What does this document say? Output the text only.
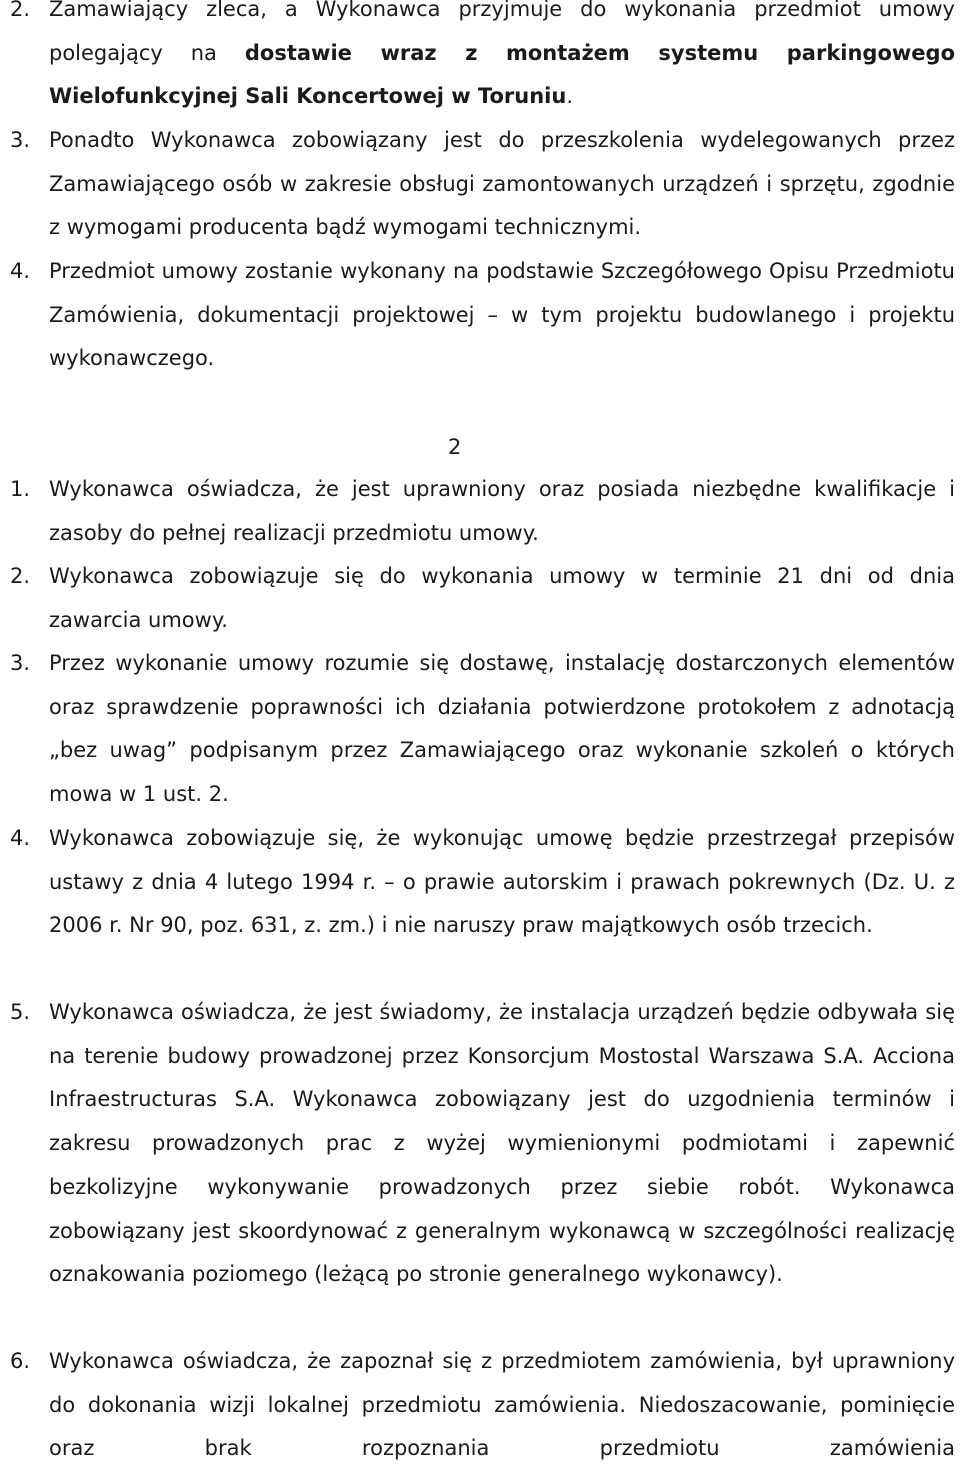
2. Zamawiający zleca, a Wykonawca przyjmuje do wykonania przedmiot umowy polegający na dostawie wraz z montażem systemu parkingowego Wielofunkcyjnej Sali Koncertowej w Toruniu.
3. Ponadto Wykonawca zobowiązany jest do przeszkolenia wydelegowanych przez Zamawiającego osób w zakresie obsługi zamontowanych urządzeń i sprzętu, zgodnie z wymogami producenta bądź wymogami technicznymi.
4. Przedmiot umowy zostanie wykonany na podstawie Szczegółowego Opisu Przedmiotu Zamówienia, dokumentacji projektowej – w tym projektu budowlanego i projektu wykonawczego.
2
1. Wykonawca oświadcza, że jest uprawniony oraz posiada niezbędne kwalifikacje i zasoby do pełnej realizacji przedmiotu umowy.
2. Wykonawca zobowiązuje się do wykonania umowy w terminie 21 dni od dnia zawarcia umowy.
3. Przez wykonanie umowy rozumie się dostawę, instalację dostarczonych elementów oraz sprawdzenie poprawności ich działania potwierdzone protokołem z adnotacją „bez uwag” podpisanym przez Zamawiającego oraz wykonanie szkoleń o których mowa w 1 ust. 2.
4. Wykonawca zobowiązuje się, że wykonując umowę będzie przestrzegał przepisów ustawy z dnia 4 lutego 1994 r. – o prawie autorskim i prawach pokrewnych (Dz. U. z 2006 r. Nr 90, poz. 631, z. zm.) i nie naruszy praw majątkowych osób trzecich.
5. Wykonawca oświadcza, że jest świadomy, że instalacja urządzeń będzie odbywała się na terenie budowy prowadzonej przez Konsorcjum Mostostal Warszawa S.A. Acciona Infraestructuras S.A. Wykonawca zobowiązany jest do uzgodnienia terminów i zakresu prowadzonych prac z wyżej wymienionymi podmiotami i zapewnić bezkolizyjne wykonywanie prowadzonych przez siebie robót. Wykonawca zobowiązany jest skoordynować z generalnym wykonawcą w szczególności realizację oznakowania poziomego (leżącą po stronie generalnego wykonawcy).
6. Wykonawca oświadcza, że zapoznał się z przedmiotem zamówienia, był uprawniony do dokonania wizji lokalnej przedmiotu zamówienia. Niedoszacowanie, pominięcie oraz brak rozpoznania przedmiotu zamówienia
